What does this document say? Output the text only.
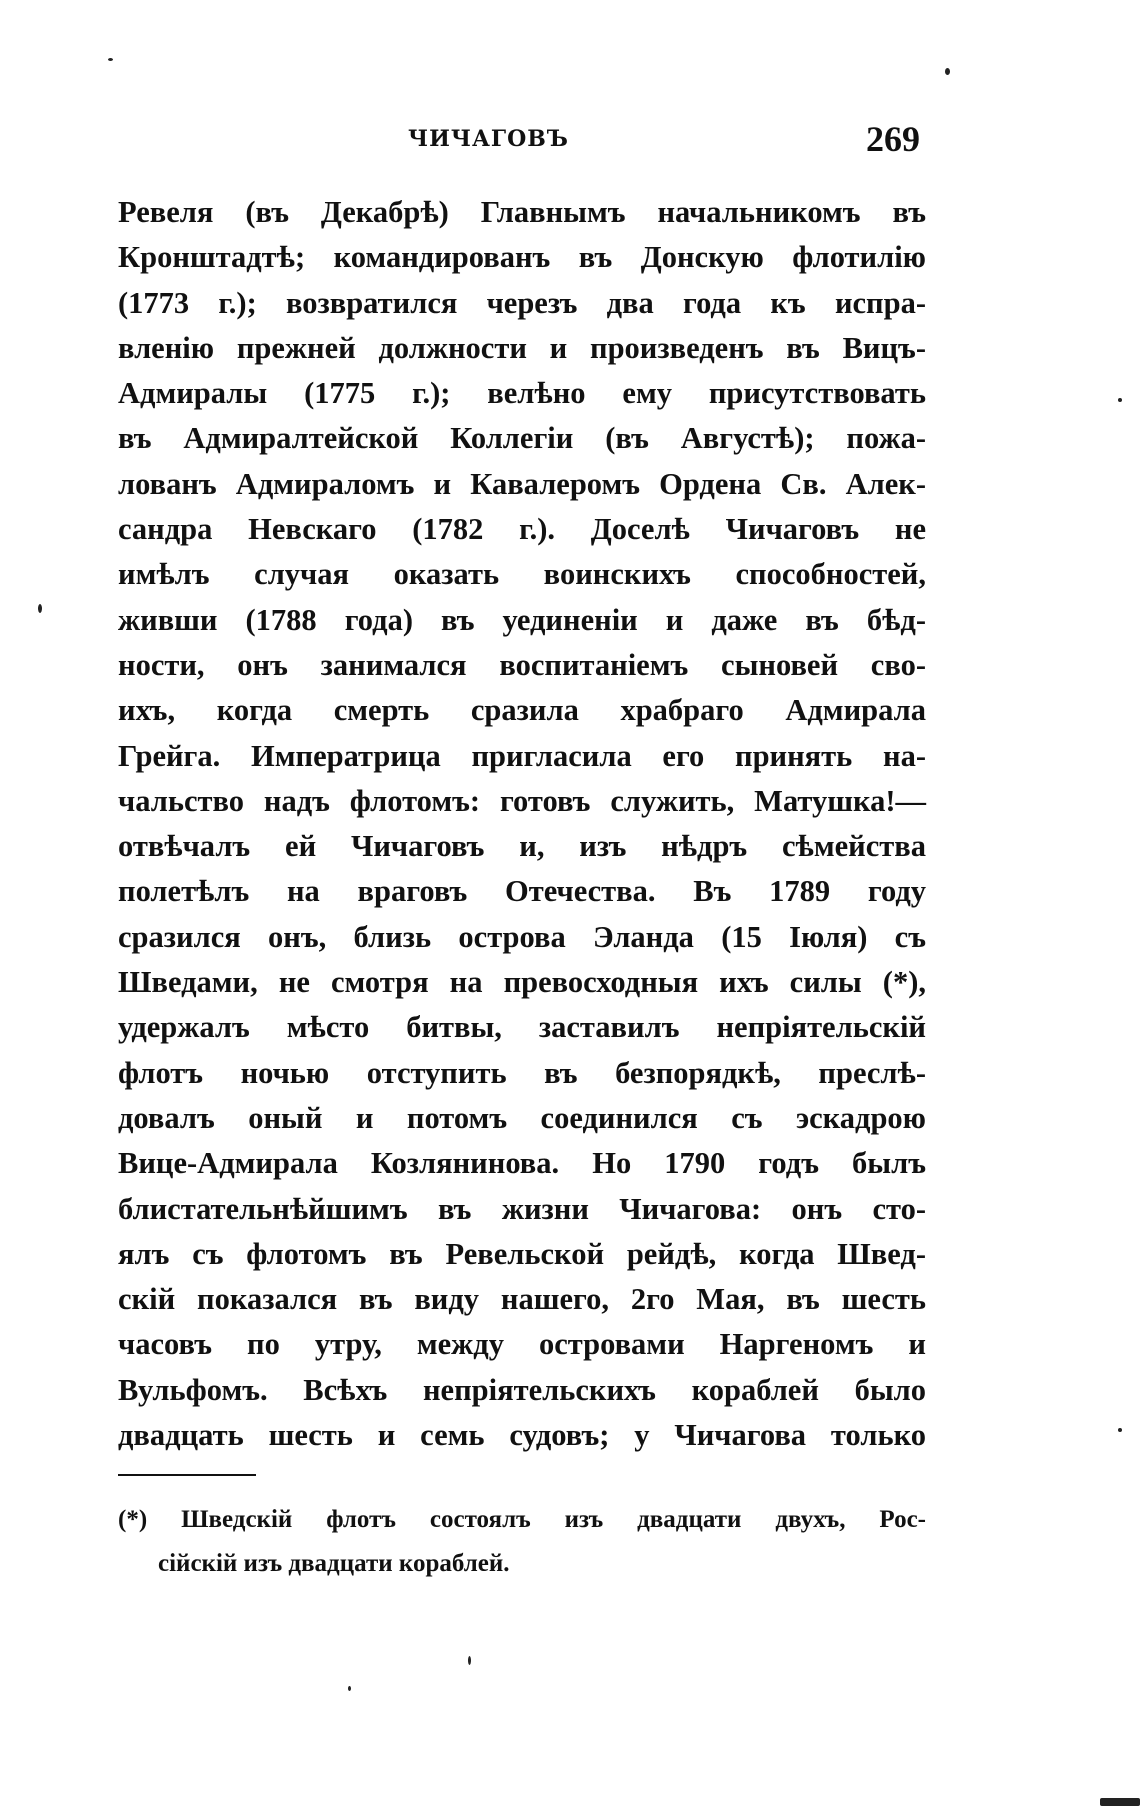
ЧИЧАГОВЪ	269
Ревеля (въ Декабрѣ) Главнымъ начальникомъ въ
Кронштадтѣ; командированъ въ Донскую флотилію
(1773 г.); возвратился черезъ два года къ испра-
вленію прежней должности и произведенъ въ Вицъ-
Адмиралы (1775 г.); велѣно ему присутствовать
въ Адмиралтейской Коллегіи (въ Августѣ); пожа-
лованъ Адмираломъ и Кавалеромъ Ордена Св. Алек-
сандра Невскаго (1782 г.). Доселѣ Чичаговъ не
имѣлъ случая оказать воинскихъ способностей,
живши (1788 года) въ уединеніи и даже въ бѣд-
ности, онъ занимался воспитаніемъ сыновей сво-
ихъ, когда смерть сразила храбраго Адмирала
Грейга. Императрица пригласила его принять на-
чальство надъ флотомъ: готовъ служить, Матушка!—
отвѣчалъ ей Чичаговъ и, изъ нѣдръ сѣмейства
полетѣлъ на враговъ Отечества. Въ 1789 году
сразился онъ, близь острова Эланда (15 Іюля) съ
Шведами, не смотря на превосходныя ихъ силы (*),
удержалъ мѣсто битвы, заставилъ непріятельскій
флотъ ночью отступить въ безпорядкѣ, преслѣ-
довалъ оный и потомъ соединился съ эскадрою
Вице-Адмирала Козлянинова. Но 1790 годъ былъ
блистательнѣйшимъ въ жизни Чичагова: онъ сто-
ялъ съ флотомъ въ Ревельской рейдѣ, когда Швед-
скій показался въ виду нашего, 2го Мая, въ шесть
часовъ по утру, между островами Наргеномъ и
Вульфомъ. Всѣхъ непріятельскихъ кораблей было
двадцать шесть и семь судовъ; у Чичагова только
(*) Шведскій флотъ состоялъ изъ двадцати двухъ, Рос-
сійскій изъ двадцати кораблей.
